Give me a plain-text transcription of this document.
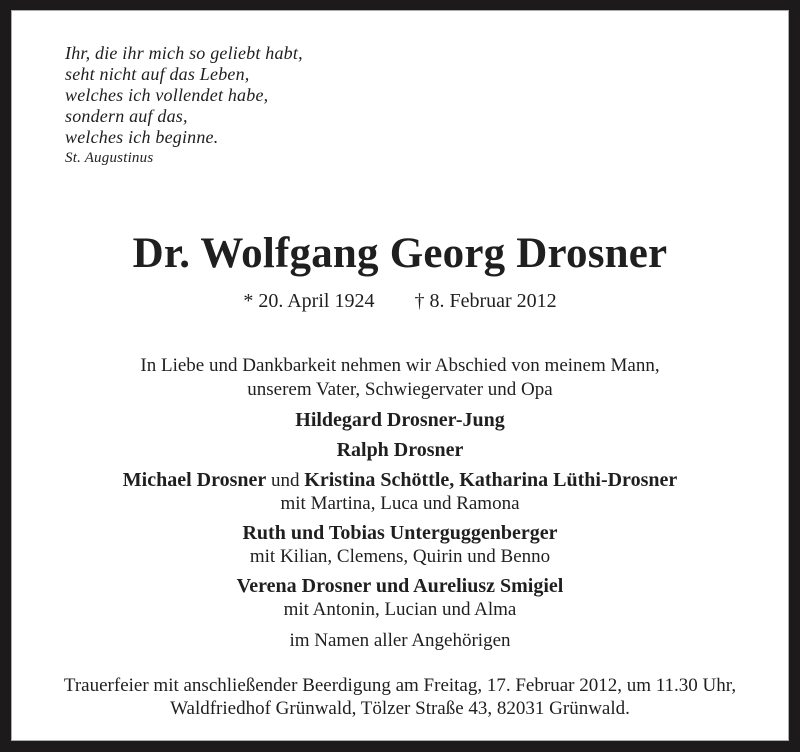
Ihr, die ihr mich so geliebt habt,
seht nicht auf das Leben,
welches ich vollendet habe,
sondern auf das,
welches ich beginne.
St. Augustinus
Dr. Wolfgang Georg Drosner
* 20. April 1924 † 8. Februar 2012

In Liebe und Dankbarkeit nehmen wir Abschied von meinem Mann,
unserem Vater, Schwiegervater und Opa

Hildegard Drosner-Jung

Ralph Drosner

Michael Drosner und Kristina Schöttle, Katharina Lüthi-Drosner
mit Martina, Luca und Ramona

Ruth und Tobias Unterguggenberger
mit Kilian, Clemens, Quirin und Benno

Verena Drosner und Aureliusz Smigiel
mit Antonin, Lucian und Alma

im Namen aller Angehörigen

Trauerfeier mit anschließender Beerdigung am Freitag, 17. Februar 2012, um 11.30 Uhr,
Waldfriedhof Grünwald, Tölzer Straße 43, 82031 Grünwald.
